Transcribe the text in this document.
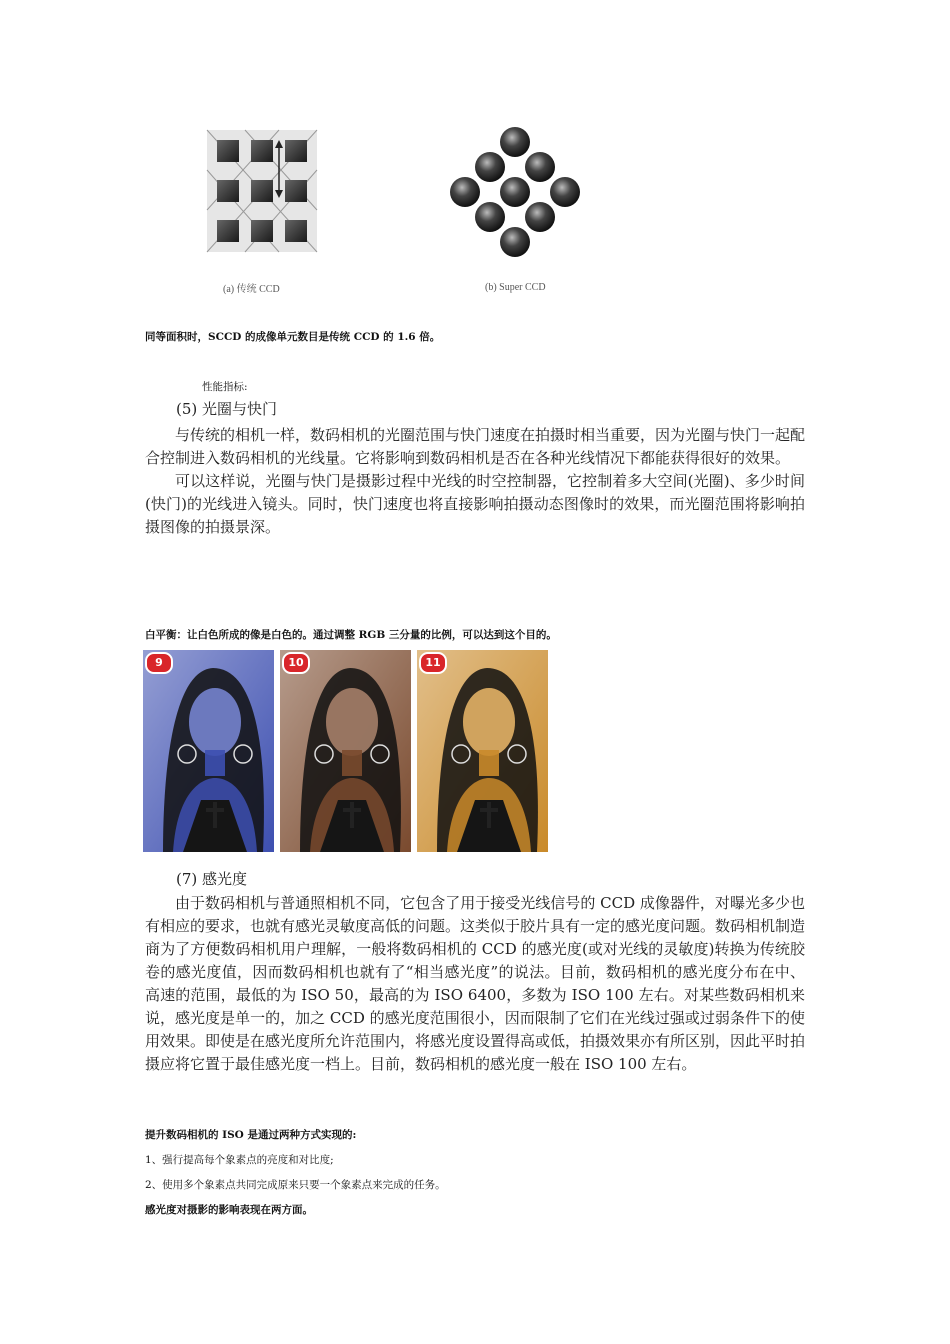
(a) 传统 CCD	(b) Super CCD
同等面积时，SCCD 的成像单元数目是传统 CCD 的 1.6 倍。
性能指标:
(5) 光圈与快门

与传统的相机一样，数码相机的光圈范围与快门速度在拍摄时相当重要，因为光圈与快门一起配合控制进入数码相机的光线量。它将影响到数码相机是否在各种光线情况下都能获得很好的效果。

可以这样说，光圈与快门是摄影过程中光线的时空控制器，它控制着多大空间(光圈)、多少时间(快门)的光线进入镜头。同时，快门速度也将直接影响拍摄动态图像时的效果，而光圈范围将影响拍摄图像的拍摄景深。

白平衡：让白色所成的像是白色的。通过调整 RGB 三分量的比例，可以达到这个目的。
9	10	11
(7) 感光度

由于数码相机与普通照相机不同，它包含了用于接受光线信号的 CCD 成像器件，对曝光多少也有相应的要求，也就有感光灵敏度高低的问题。这类似于胶片具有一定的感光度问题。数码相机制造商为了方便数码相机用户理解，一般将数码相机的 CCD 的感光度(或对光线的灵敏度)转换为传统胶卷的感光度值，因而数码相机也就有了“相当感光度”的说法。目前，数码相机的感光度分布在中、高速的范围，最低的为 ISO 50，最高的为 ISO 6400，多数为 ISO 100 左右。对某些数码相机来说，感光度是单一的，加之 CCD 的感光度范围很小，因而限制了它们在光线过强或过弱条件下的使用效果。即使是在感光度所允许范围内，将感光度设置得高或低，拍摄效果亦有所区别，因此平时拍摄应将它置于最佳感光度一档上。目前，数码相机的感光度一般在 ISO 100 左右。

提升数码相机的 ISO 是通过两种方式实现的:
1、强行提高每个象素点的亮度和对比度;
2、使用多个象素点共同完成原来只要一个象素点来完成的任务。
感光度对摄影的影响表现在两方面。
